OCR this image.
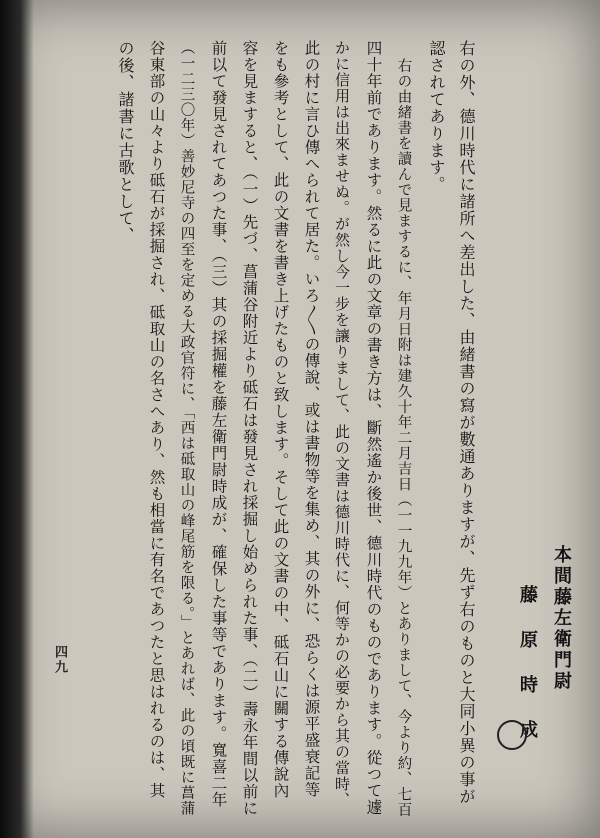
本間藤左衛門尉
藤 原 時 成
右の外、德川時代に諸所へ差出した、由緒書の寫が數通ありますが、先ず右のものと大同小異の事が
認されてあります。
右の由緒書を讀んで見まするに、年月日附は建久十年二月吉日（一一九九年）とありまして、今より約、七百
四十年前であります。然るに此の文章の書き方は、斷然遙か後世、德川時代のものであります。從つて遽
かに信用は出來ませぬ。が然し今一步を讓りまして、此の文書は德川時代に、何等かの必要から其の當時、
此の村に言ひ傳へられて居た。いろ〳〵の傳說、或は書物等を集め、其の外に、恐らくは源平盛衰記等
をも參考として、此の文書を書き上げたものと致します。そして此の文書の中、砥石山に關する傳說內
容を見ますると、（一）先づ、菖蒲谷附近より砥石は發見され採掘し始められた事、（二）壽永年間以前に
前以て發見されてあつた事、（三）其の採掘權を藤左衛門尉時成が、確保した事等であります。寬喜二年
（一二三〇年）善妙尼寺の四至を定める大政官符に、「西は砥取山の峰尾筋を限る。」とあれば、此の頃既に菖蒲
谷東部の山々より砥石が採掘され、砥取山の名さへあり、然も相當に有名であつたと思はれるのは、其
の後、諸書に古歌として、
四九
